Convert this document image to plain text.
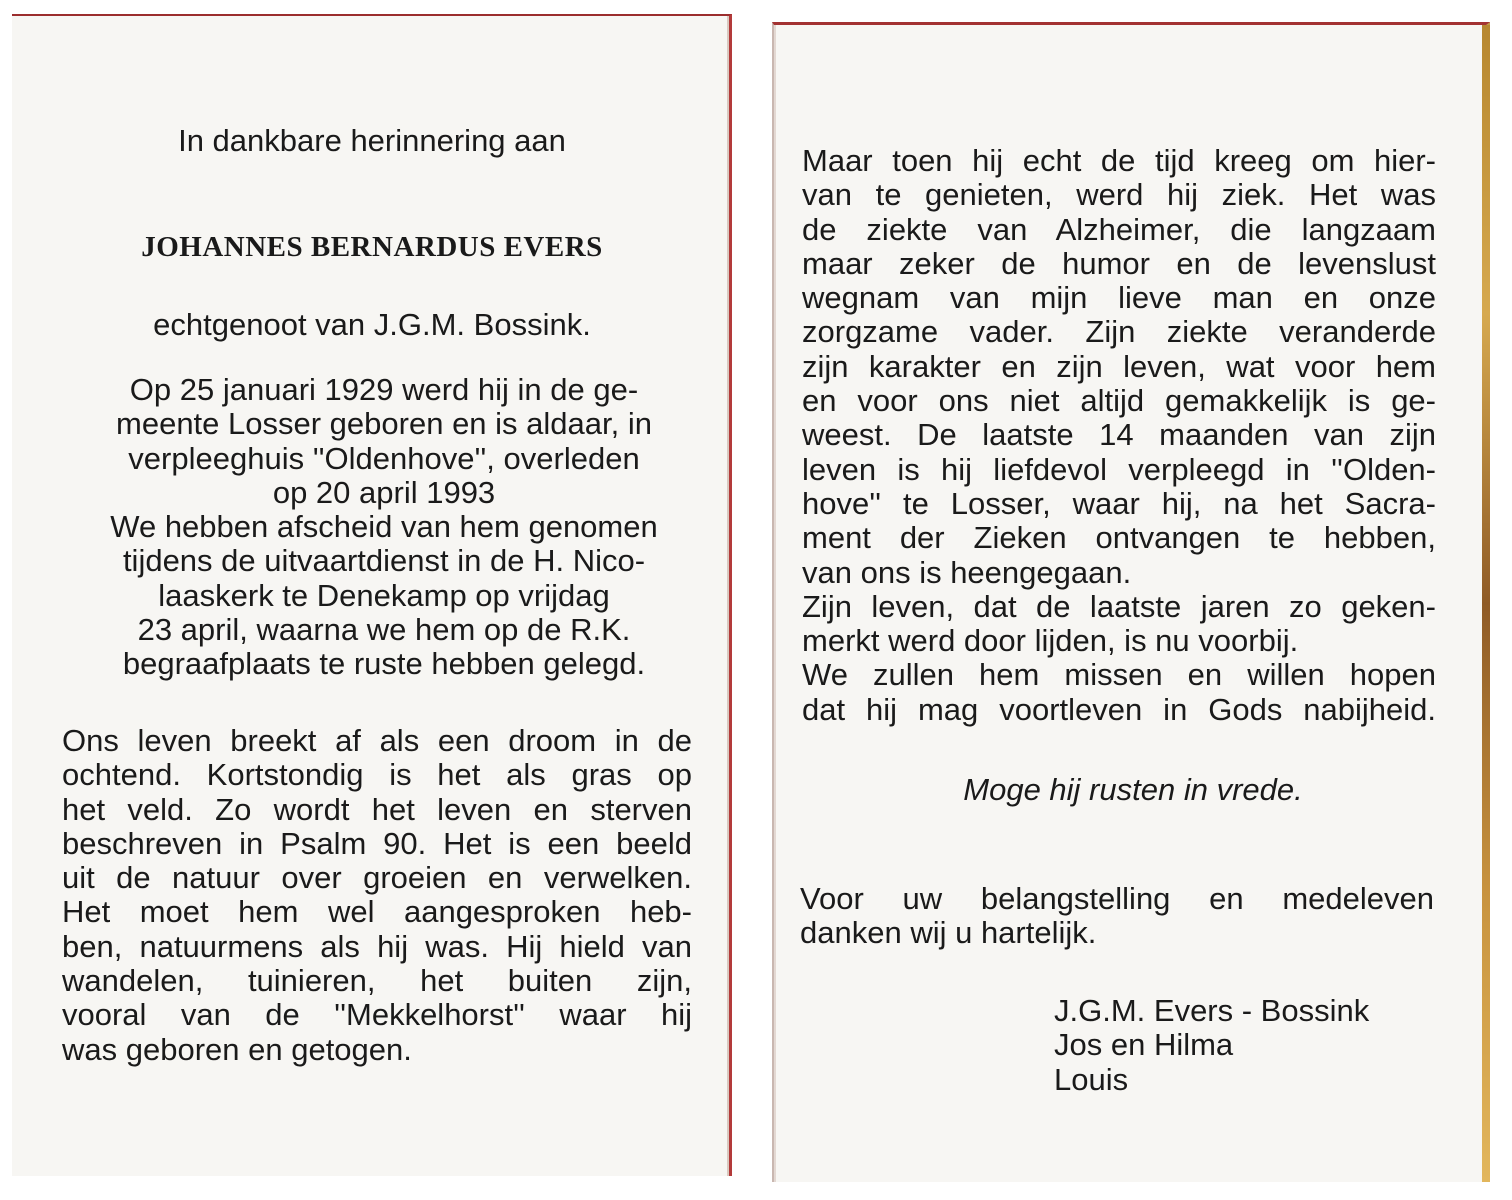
In dankbare herinnering aan
JOHANNES BERNARDUS EVERS
echtgenoot van J.G.M. Bossink.
Op 25 januari 1929 werd hij in de ge-
meente Losser geboren en is aldaar, in
verpleeghuis ''Oldenhove'', overleden
op 20 april 1993
We hebben afscheid van hem genomen
tijdens de uitvaartdienst in de H. Nico-
laaskerk te Denekamp op vrijdag
23 april, waarna we hem op de R.K.
begraafplaats te ruste hebben gelegd.
Ons leven breekt af als een droom in de
ochtend. Kortstondig is het als gras op
het veld. Zo wordt het leven en sterven
beschreven in Psalm 90. Het is een beeld
uit de natuur over groeien en verwelken.
Het moet hem wel aangesproken heb-
ben, natuurmens als hij was. Hij hield van
wandelen, tuinieren, het buiten zijn,
vooral van de ''Mekkelhorst'' waar hij
was geboren en getogen.
Maar toen hij echt de tijd kreeg om hier-
van te genieten, werd hij ziek. Het was
de ziekte van Alzheimer, die langzaam
maar zeker de humor en de levenslust
wegnam van mijn lieve man en onze
zorgzame vader. Zijn ziekte veranderde
zijn karakter en zijn leven, wat voor hem
en voor ons niet altijd gemakkelijk is ge-
weest. De laatste 14 maanden van zijn
leven is hij liefdevol verpleegd in ''Olden-
hove'' te Losser, waar hij, na het Sacra-
ment der Zieken ontvangen te hebben,
van ons is heengegaan.
Zijn leven, dat de laatste jaren zo geken-
merkt werd door lijden, is nu voorbij.
We zullen hem missen en willen hopen
dat hij mag voortleven in Gods nabijheid.
Moge hij rusten in vrede.
Voor uw belangstelling en medeleven
danken wij u hartelijk.
J.G.M. Evers - Bossink
Jos en Hilma
Louis
